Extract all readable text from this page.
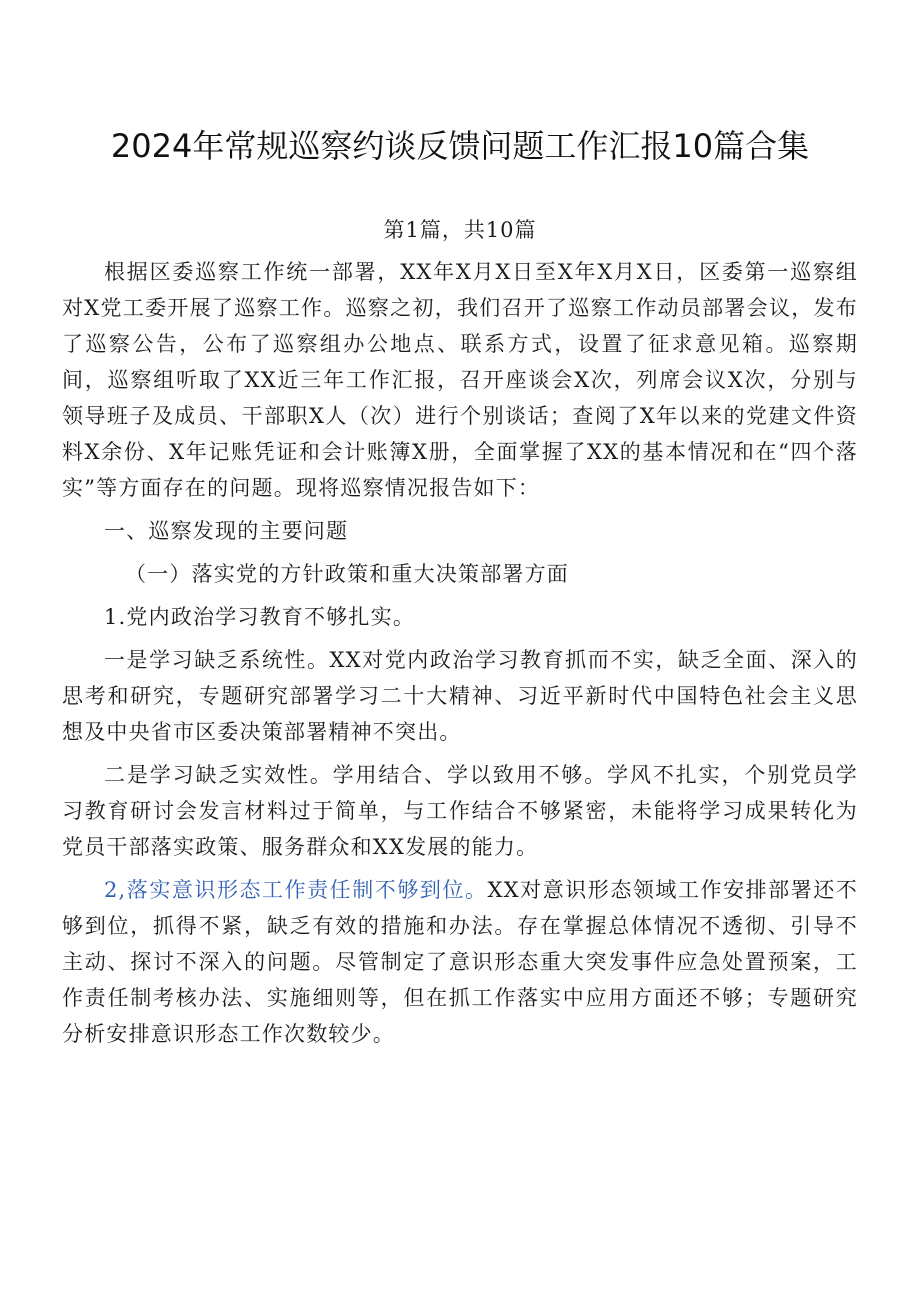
2024年常规巡察约谈反馈问题工作汇报10篇合集
第1篇，共10篇

根据区委巡察工作统一部署，XX年X月X日至X年X月X日，区委第一巡察组对X党工委开展了巡察工作。巡察之初，我们召开了巡察工作动员部署会议，发布了巡察公告，公布了巡察组办公地点、联系方式，设置了征求意见箱。巡察期间，巡察组听取了XX近三年工作汇报，召开座谈会X次，列席会议X次，分别与领导班子及成员、干部职X人（次）进行个别谈话；查阅了X年以来的党建文件资料X余份、X年记账凭证和会计账簿X册，全面掌握了XX的基本情况和在“四个落实”等方面存在的问题。现将巡察情况报告如下：

一、巡察发现的主要问题

（一）落实党的方针政策和重大决策部署方面

1.党内政治学习教育不够扎实。

一是学习缺乏系统性。XX对党内政治学习教育抓而不实，缺乏全面、深入的思考和研究，专题研究部署学习二十大精神、习近平新时代中国特色社会主义思想及中央省市区委决策部署精神不突出。

二是学习缺乏实效性。学用结合、学以致用不够。学风不扎实，个别党员学习教育研讨会发言材料过于简单，与工作结合不够紧密，未能将学习成果转化为党员干部落实政策、服务群众和XX发展的能力。

2,落实意识形态工作责任制不够到位。XX对意识形态领域工作安排部署还不够到位，抓得不紧，缺乏有效的措施和办法。存在掌握总体情况不透彻、引导不主动、探讨不深入的问题。尽管制定了意识形态重大突发事件应急处置预案，工作责任制考核办法、实施细则等，但在抓工作落实中应用方面还不够；专题研究分析安排意识形态工作次数较少。
